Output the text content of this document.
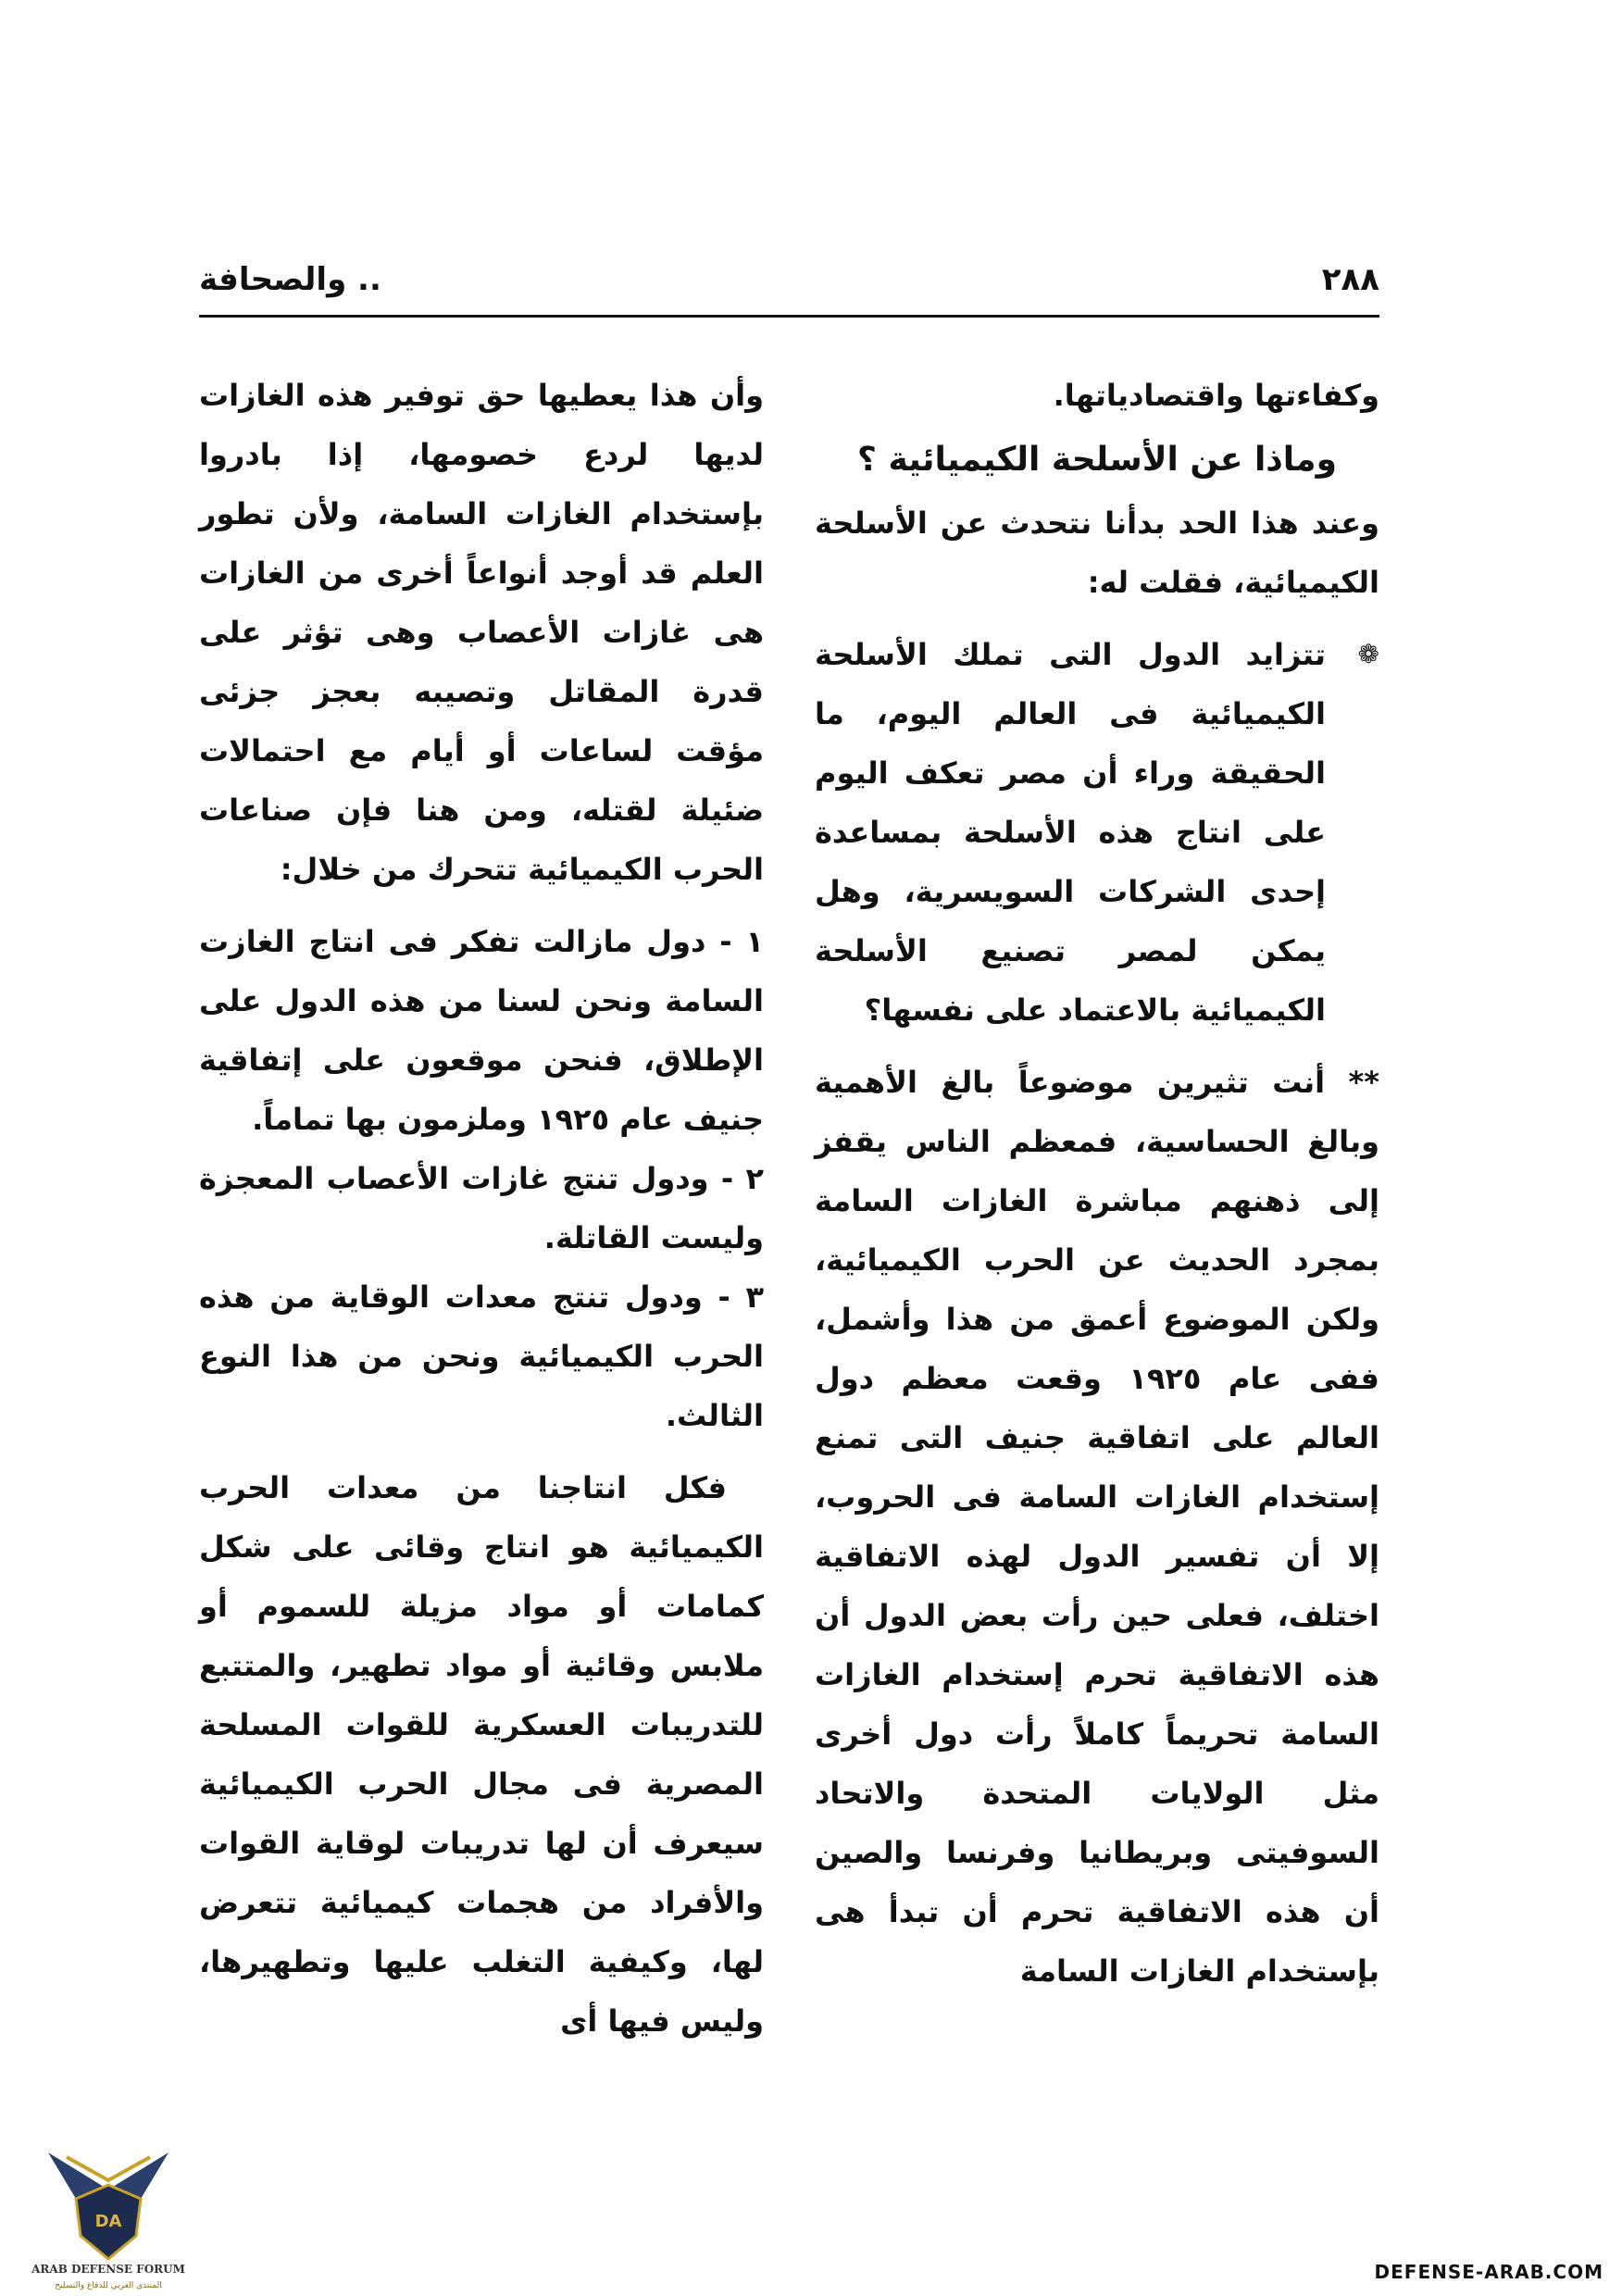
٢٨٨
.. والصحافة

وكفاءتها واقتصادياتها.

وماذا عن الأسلحة الكيميائية ؟

وعند هذا الحد بدأنا نتحدث عن الأسلحة الكيميائية، فقلت له:

❁
تتزايد الدول التى تملك الأسلحة الكيميائية فى العالم اليوم، ما الحقيقة وراء أن مصر تعكف اليوم على انتاج هذه الأسلحة بمساعدة إحدى الشركات السويسرية، وهل يمكن لمصر تصنيع الأسلحة الكيميائية بالاعتماد على نفسها؟

** أنت تثيرين موضوعاً بالغ الأهمية وبالغ الحساسية، فمعظم الناس يقفز إلى ذهنهم مباشرة الغازات السامة بمجرد الحديث عن الحرب الكيميائية، ولكن الموضوع أعمق من هذا وأشمل، ففى عام ١٩٢٥ وقعت معظم دول العالم على اتفاقية جنيف التى تمنع إستخدام الغازات السامة فى الحروب، إلا أن تفسير الدول لهذه الاتفاقية اختلف، فعلى حين رأت بعض الدول أن هذه الاتفاقية تحرم إستخدام الغازات السامة تحريماً كاملاً رأت دول أخرى مثل الولايات المتحدة والاتحاد السوفيتى وبريطانيا وفرنسا والصين أن هذه الاتفاقية تحرم أن تبدأ هى بإستخدام الغازات السامة

وأن هذا يعطيها حق توفير هذه الغازات لديها لردع خصومها، إذا بادروا بإستخدام الغازات السامة، ولأن تطور العلم قد أوجد أنواعاً أخرى من الغازات هى غازات الأعصاب وهى تؤثر على قدرة المقاتل وتصيبه بعجز جزئى مؤقت لساعات أو أيام مع احتمالات ضئيلة لقتله، ومن هنا فإن صناعات الحرب الكيميائية تتحرك من خلال:

١ - دول مازالت تفكر فى انتاج الغازت السامة ونحن لسنا من هذه الدول على الإطلاق، فنحن موقعون على إتفاقية جنيف عام ١٩٢٥ وملزمون بها تماماً.

٢ - ودول تنتج غازات الأعصاب المعجزة وليست القاتلة.

٣ - ودول تنتج معدات الوقاية من هذه الحرب الكيميائية ونحن من هذا النوع الثالث.

فكل انتاجنا من معدات الحرب الكيميائية هو انتاج وقائى على شكل كمامات أو مواد مزيلة للسموم أو ملابس وقائية أو مواد تطهير، والمتتبع للتدريبات العسكرية للقوات المسلحة المصرية فى مجال الحرب الكيميائية سيعرف أن لها تدريبات لوقاية القوات والأفراد من هجمات كيميائية تتعرض لها، وكيفية التغلب عليها وتطهيرها، وليس فيها أى

DA
ARAB DEFENSE FORUM
المنتدى العربي للدفاع والتسليح
DEFENSE-ARAB.COM
